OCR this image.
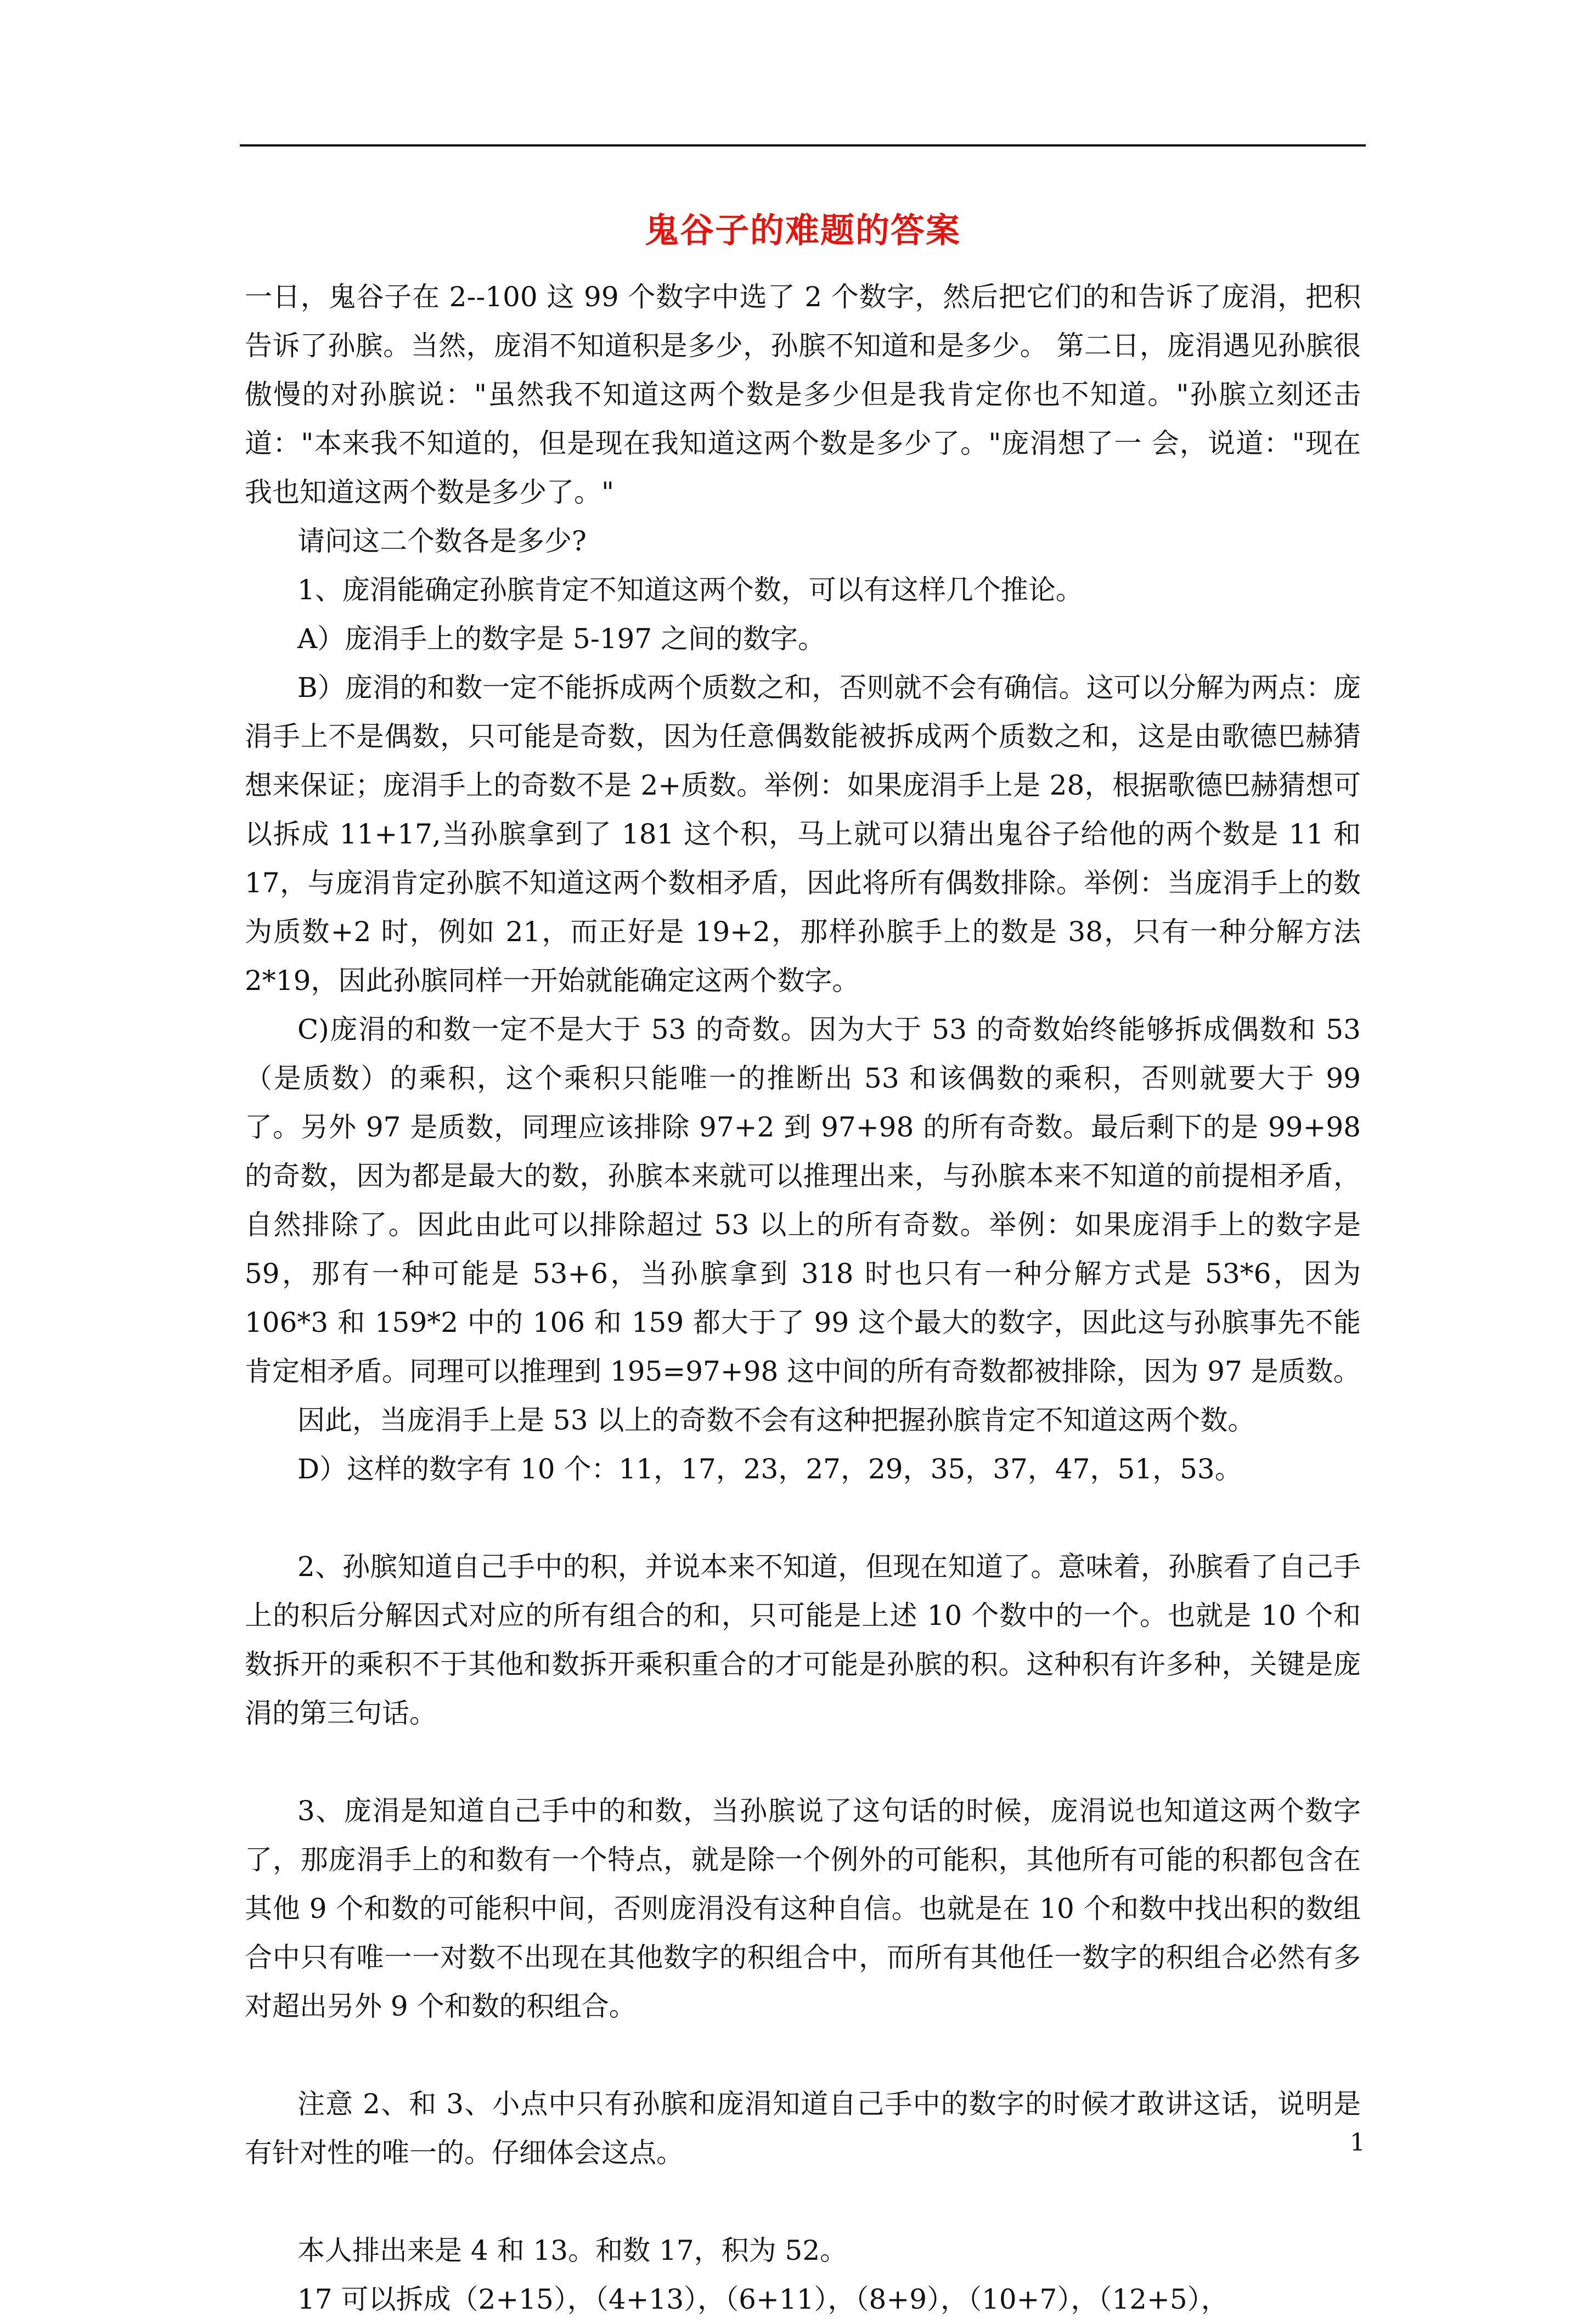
鬼谷子的难题的答案

一日，鬼谷子在 2--100 这 99 个数字中选了 2 个数字，然后把它们的和告诉了庞涓，把积告诉了孙膑。当然，庞涓不知道积是多少，孙膑不知道和是多少。 第二日，庞涓遇见孙膑很傲慢的对孙膑说："虽然我不知道这两个数是多少但是我肯定你也不知道。"孙膑立刻还击道："本来我不知道的，但是现在我知道这两个数是多少了。"庞涓想了一 会，说道："现在我也知道这两个数是多少了。"

请问这二个数各是多少?

1、庞涓能确定孙膑肯定不知道这两个数，可以有这样几个推论。

A）庞涓手上的数字是 5-197 之间的数字。

B）庞涓的和数一定不能拆成两个质数之和，否则就不会有确信。这可以分解为两点：庞涓手上不是偶数，只可能是奇数，因为任意偶数能被拆成两个质数之和，这是由歌德巴赫猜想来保证；庞涓手上的奇数不是 2+质数。举例：如果庞涓手上是 28，根据歌德巴赫猜想可以拆成 11+17,当孙膑拿到了 181 这个积，马上就可以猜出鬼谷子给他的两个数是 11 和 17，与庞涓肯定孙膑不知道这两个数相矛盾，因此将所有偶数排除。举例：当庞涓手上的数为质数+2 时，例如 21，而正好是 19+2，那样孙膑手上的数是 38，只有一种分解方法 2*19，因此孙膑同样一开始就能确定这两个数字。

C)庞涓的和数一定不是大于 53 的奇数。因为大于 53 的奇数始终能够拆成偶数和 53（是质数）的乘积，这个乘积只能唯一的推断出 53 和该偶数的乘积，否则就要大于 99 了。另外 97 是质数，同理应该排除 97+2 到 97+98 的所有奇数。最后剩下的是 99+98 的奇数，因为都是最大的数，孙膑本来就可以推理出来，与孙膑本来不知道的前提相矛盾，自然排除了。因此由此可以排除超过 53 以上的所有奇数。举例：如果庞涓手上的数字是 59，那有一种可能是 53+6，当孙膑拿到 318 时也只有一种分解方式是 53*6，因为 106*3 和 159*2 中的 106 和 159 都大于了 99 这个最大的数字，因此这与孙膑事先不能肯定相矛盾。同理可以推理到 195=97+98 这中间的所有奇数都被排除，因为 97 是质数。

因此，当庞涓手上是 53 以上的奇数不会有这种把握孙膑肯定不知道这两个数。

D）这样的数字有 10 个：11，17，23，27，29，35，37，47，51，53。

2、孙膑知道自己手中的积，并说本来不知道，但现在知道了。意味着，孙膑看了自己手上的积后分解因式对应的所有组合的和，只可能是上述 10 个数中的一个。也就是 10 个和数拆开的乘积不于其他和数拆开乘积重合的才可能是孙膑的积。这种积有许多种，关键是庞涓的第三句话。

3、庞涓是知道自己手中的和数，当孙膑说了这句话的时候，庞涓说也知道这两个数字了，那庞涓手上的和数有一个特点，就是除一个例外的可能积，其他所有可能的积都包含在其他 9 个和数的可能积中间，否则庞涓没有这种自信。也就是在 10 个和数中找出积的数组合中只有唯一一对数不出现在其他数字的积组合中，而所有其他任一数字的积组合必然有多对超出另外 9 个和数的积组合。

注意 2、和 3、小点中只有孙膑和庞涓知道自己手中的数字的时候才敢讲这话，说明是有针对性的唯一的。仔细体会这点。

本人排出来是 4 和 13。和数 17，积为 52。

17 可以拆成（2+15），（4+13），（6+11），（8+9），（10+7），（12+5），

1
